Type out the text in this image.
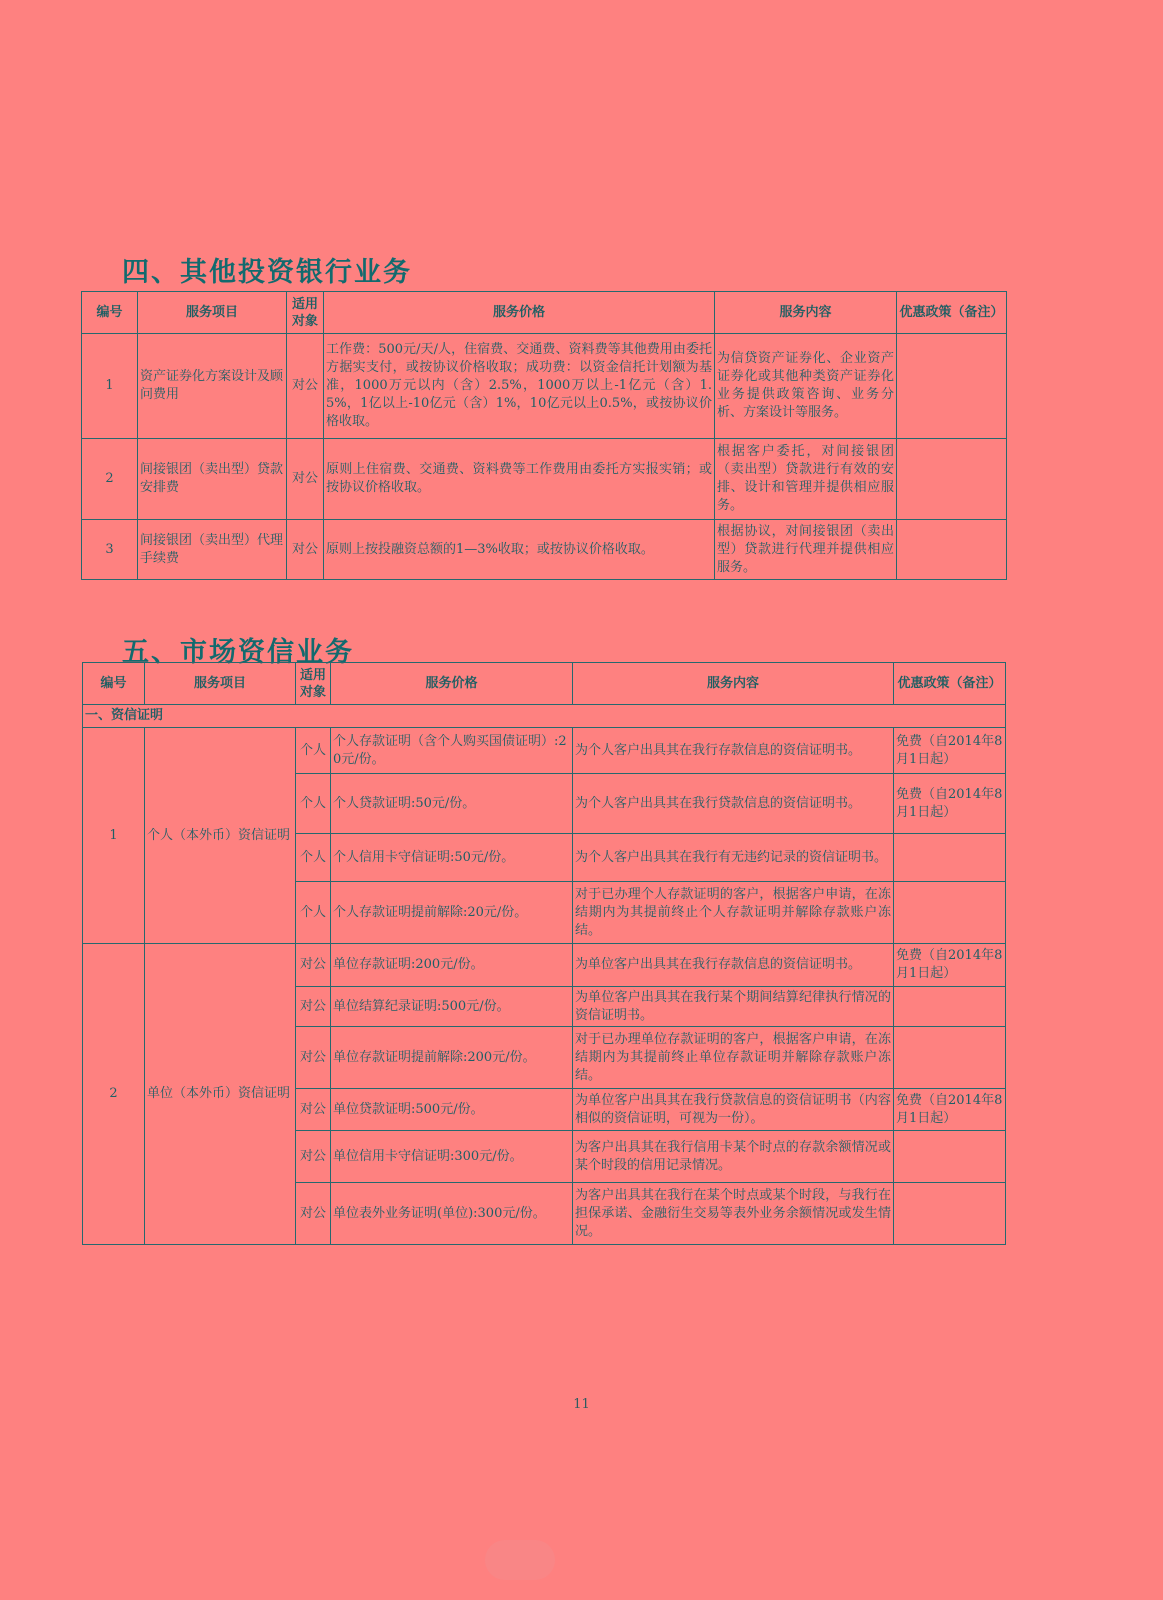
四、其他投资银行业务
编号	服务项目	适用对象	服务价格	服务内容	优惠政策（备注）
1	资产证券化方案设计及顾问费用	对公	工作费：500元/天/人，住宿费、交通费、资料费等其他费用由委托方据实支付，或按协议价格收取；成功费：以资金信托计划额为基准，1000万元以内（含）2.5%，1000万以上-1亿元（含）1.5%，1亿以上-10亿元（含）1%，10亿元以上0.5%，或按协议价格收取。	为信贷资产证券化、企业资产证券化或其他种类资产证券化业务提供政策咨询、业务分析、方案设计等服务。	
2	间接银团（卖出型）贷款安排费	对公	原则上住宿费、交通费、资料费等工作费用由委托方实报实销；或按协议价格收取。	根据客户委托，对间接银团（卖出型）贷款进行有效的安排、设计和管理并提供相应服务。	
3	间接银团（卖出型）代理手续费	对公	原则上按投融资总额的1—3%收取；或按协议价格收取。	根据协议，对间接银团（卖出型）贷款进行代理并提供相应服务。	
五、市场资信业务
编号	服务项目	适用对象	服务价格	服务内容	优惠政策（备注）
一、资信证明					
1	个人（本外币）资信证明	个人	个人存款证明（含个人购买国债证明）:20元/份。	为个人客户出具其在我行存款信息的资信证明书。	免费（自2014年8月1日起）
		个人	个人贷款证明:50元/份。	为个人客户出具其在我行贷款信息的资信证明书。	免费（自2014年8月1日起）
		个人	个人信用卡守信证明:50元/份。	为个人客户出具其在我行有无违约记录的资信证明书。	
		个人	个人存款证明提前解除:20元/份。	对于已办理个人存款证明的客户，根据客户申请，在冻结期内为其提前终止个人存款证明并解除存款账户冻结。	
2	单位（本外币）资信证明	对公	单位存款证明:200元/份。	为单位客户出具其在我行存款信息的资信证明书。	免费（自2014年8月1日起）
		对公	单位结算纪录证明:500元/份。	为单位客户出具其在我行某个期间结算纪律执行情况的资信证明书。	
		对公	单位存款证明提前解除:200元/份。	对于已办理单位存款证明的客户，根据客户申请，在冻结期内为其提前终止单位存款证明并解除存款账户冻结。	
		对公	单位贷款证明:500元/份。	为单位客户出具其在我行贷款信息的资信证明书（内容相似的资信证明，可视为一份）。	免费（自2014年8月1日起）
		对公	单位信用卡守信证明:300元/份。	为客户出具其在我行信用卡某个时点的存款余额情况或某个时段的信用记录情况。	
		对公	单位表外业务证明(单位):300元/份。	为客户出具其在我行在某个时点或某个时段，与我行在担保承诺、金融衍生交易等表外业务余额情况或发生情况。	
11
